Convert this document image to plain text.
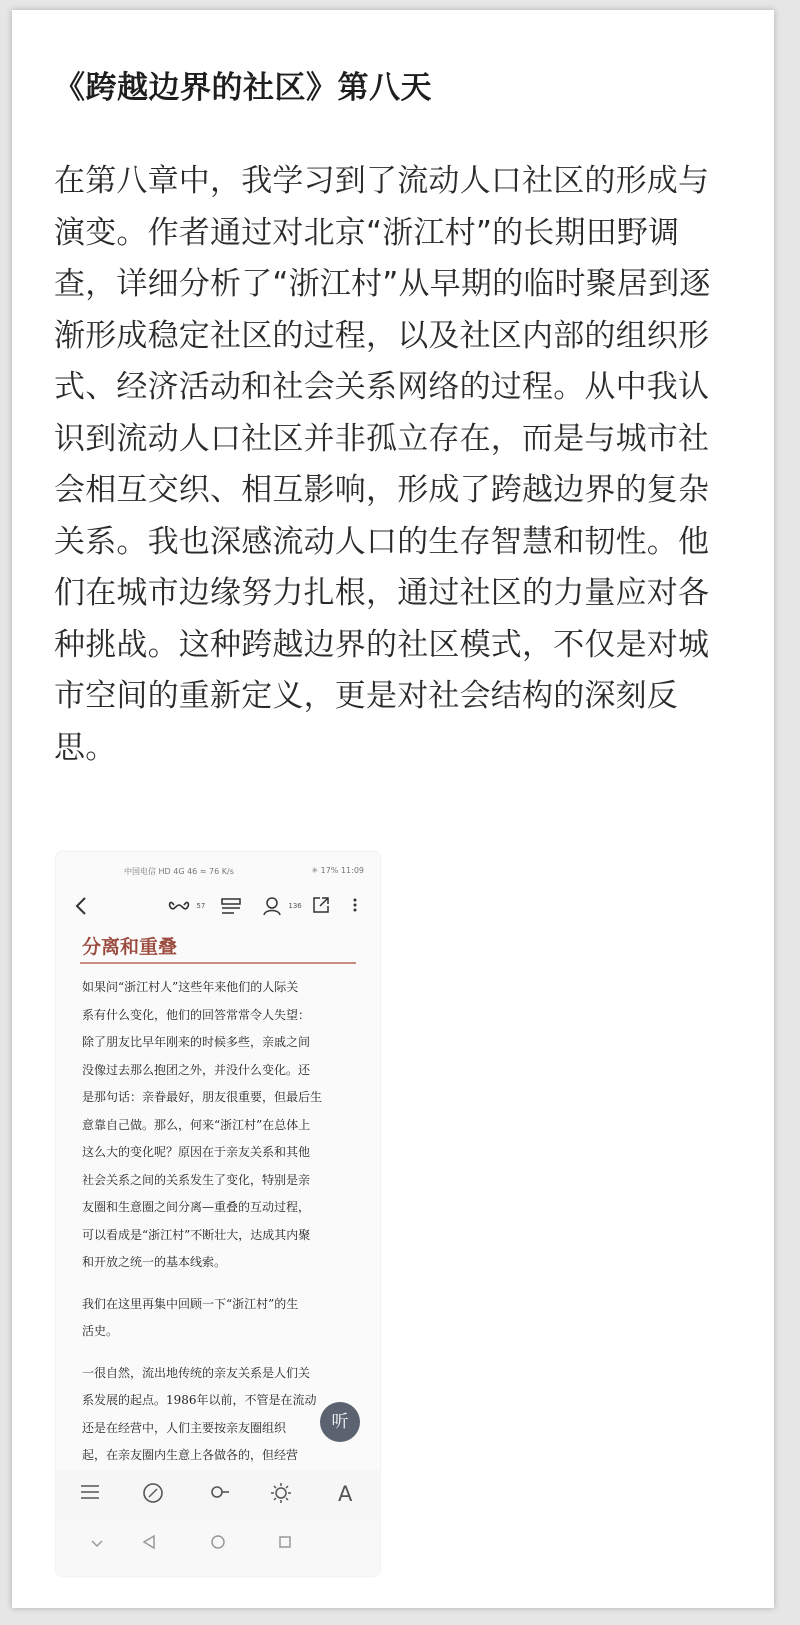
《跨越边界的社区》第八天
在第八章中，我学习到了流动人口社区的形成与
演变。作者通过对北京“浙江村”的长期田野调
查，详细分析了“浙江村”从早期的临时聚居到逐
渐形成稳定社区的过程，以及社区内部的组织形
式、经济活动和社会关系网络的过程。从中我认
识到流动人口社区并非孤立存在，而是与城市社
会相互交织、相互影响，形成了跨越边界的复杂
关系。我也深感流动人口的生存智慧和韧性。他
们在城市边缘努力扎根，通过社区的力量应对各
种挑战。这种跨越边界的社区模式，不仅是对城
市空间的重新定义，更是对社会结构的深刻反
思。
中国电信 HD 4G 46 ≈ 76 K/s	✳ 17% 11:09
$^{57}$	$^{136}$
分离和重叠

如果问“浙江村人”这些年来他们的人际关
系有什么变化，他们的回答常常令人失望：
除了朋友比早年刚来的时候多些，亲戚之间
没像过去那么抱团之外，并没什么变化。还
是那句话：亲眷最好，朋友很重要，但最后生
意靠自己做。那么，何来“浙江村”在总体上
这么大的变化呢？原因在于亲友关系和其他
社会关系之间的关系发生了变化，特别是亲
友圈和生意圈之间分离—重叠的互动过程，
可以看成是“浙江村”不断壮大，达成其内聚
和开放之统一的基本线索。

我们在这里再集中回顾一下“浙江村”的生
活史。

一很自然，流出地传统的亲友关系是人们关
系发展的起点。1986年以前，不管是在流动
还是在经营中，人们主要按亲友圈组织
起，在亲友圈内生意上各做各的，但经营

听
A
